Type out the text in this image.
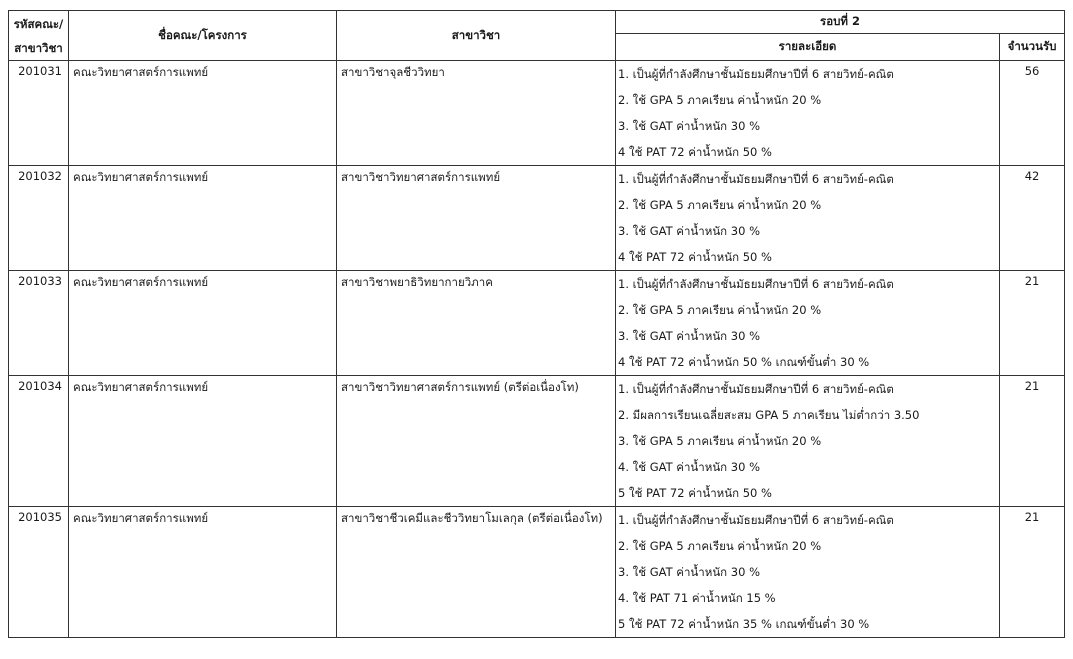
รหัสคณะ/ สาขาวิชา	ชื่อคณะ/โครงการ	สาขาวิชา	รอบที่ 2	
			รายละเอียด	จำนวนรับ
201031	คณะวิทยาศาสตร์การแพทย์	สาขาวิชาจุลชีววิทยา	1. เป็นผู้ที่กำลังศึกษาชั้นมัธยมศึกษาปีที่ 6 สายวิทย์-คณิต
2. ใช้ GPA 5 ภาคเรียน ค่าน้ำหนัก 20 %
3. ใช้ GAT ค่าน้ำหนัก 30 %
4 ใช้ PAT 72 ค่าน้ำหนัก 50 %	56
201032	คณะวิทยาศาสตร์การแพทย์	สาขาวิชาวิทยาศาสตร์การแพทย์	1. เป็นผู้ที่กำลังศึกษาชั้นมัธยมศึกษาปีที่ 6 สายวิทย์-คณิต
2. ใช้ GPA 5 ภาคเรียน ค่าน้ำหนัก 20 %
3. ใช้ GAT ค่าน้ำหนัก 30 %
4 ใช้ PAT 72 ค่าน้ำหนัก 50 %	42
201033	คณะวิทยาศาสตร์การแพทย์	สาขาวิชาพยาธิวิทยากายวิภาค	1. เป็นผู้ที่กำลังศึกษาชั้นมัธยมศึกษาปีที่ 6 สายวิทย์-คณิต
2. ใช้ GPA 5 ภาคเรียน ค่าน้ำหนัก 20 %
3. ใช้ GAT ค่าน้ำหนัก 30 %
4 ใช้ PAT 72 ค่าน้ำหนัก 50 % เกณฑ์ขั้นต่ำ 30 %	21
201034	คณะวิทยาศาสตร์การแพทย์	สาขาวิชาวิทยาศาสตร์การแพทย์ (ตรีต่อเนื่องโท)	1. เป็นผู้ที่กำลังศึกษาชั้นมัธยมศึกษาปีที่ 6 สายวิทย์-คณิต
2. มีผลการเรียนเฉลี่ยสะสม GPA 5 ภาคเรียน ไม่ต่ำกว่า 3.50
3. ใช้ GPA 5 ภาคเรียน ค่าน้ำหนัก 20 %
4. ใช้ GAT ค่าน้ำหนัก 30 %
5 ใช้ PAT 72 ค่าน้ำหนัก 50 %	21
201035	คณะวิทยาศาสตร์การแพทย์	สาขาวิชาชีวเคมีและชีววิทยาโมเลกุล (ตรีต่อเนื่องโท)	1. เป็นผู้ที่กำลังศึกษาชั้นมัธยมศึกษาปีที่ 6 สายวิทย์-คณิต
2. ใช้ GPA 5 ภาคเรียน ค่าน้ำหนัก 20 %
3. ใช้ GAT ค่าน้ำหนัก 30 %
4. ใช้ PAT 71 ค่าน้ำหนัก 15 %
5 ใช้ PAT 72 ค่าน้ำหนัก 35 % เกณฑ์ขั้นต่ำ 30 %	21
